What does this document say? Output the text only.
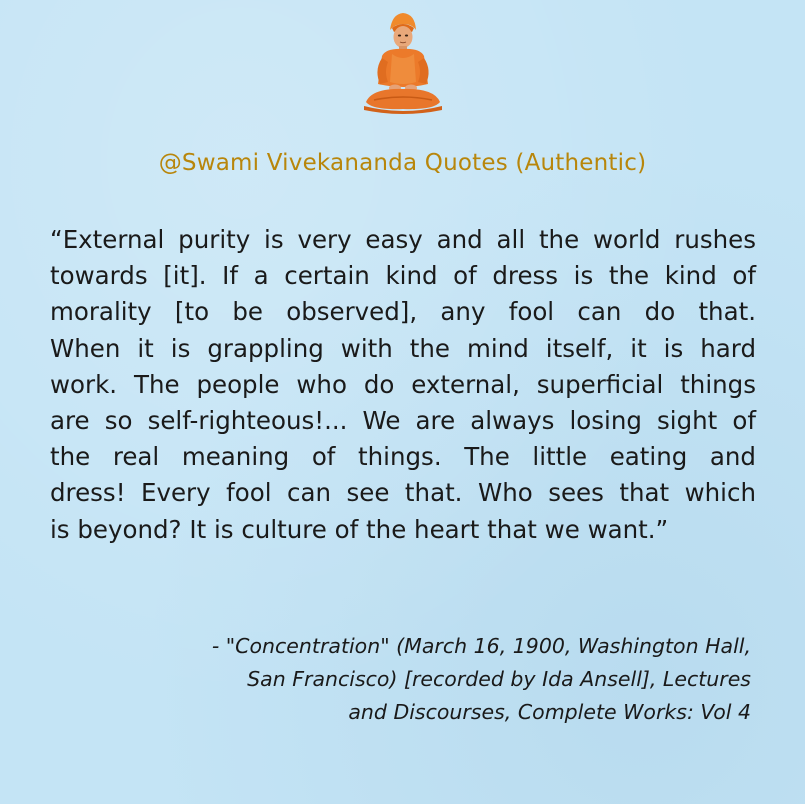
@Swami Vivekananda Quotes (Authentic)
“External purity is very easy and all the world rushes
towards [it]. If a certain kind of dress is the kind of
morality [to be observed], any fool can do that.
When it is grappling with the mind itself, it is hard
work. The people who do external, superficial things
are so self-righteous!... We are always losing sight of
the real meaning of things. The little eating and
dress! Every fool can see that. Who sees that which
is beyond? It is culture of the heart that we want.”
- "Concentration" (March 16, 1900, Washington Hall,
San Francisco) [recorded by Ida Ansell], Lectures
and Discourses, Complete Works: Vol 4
